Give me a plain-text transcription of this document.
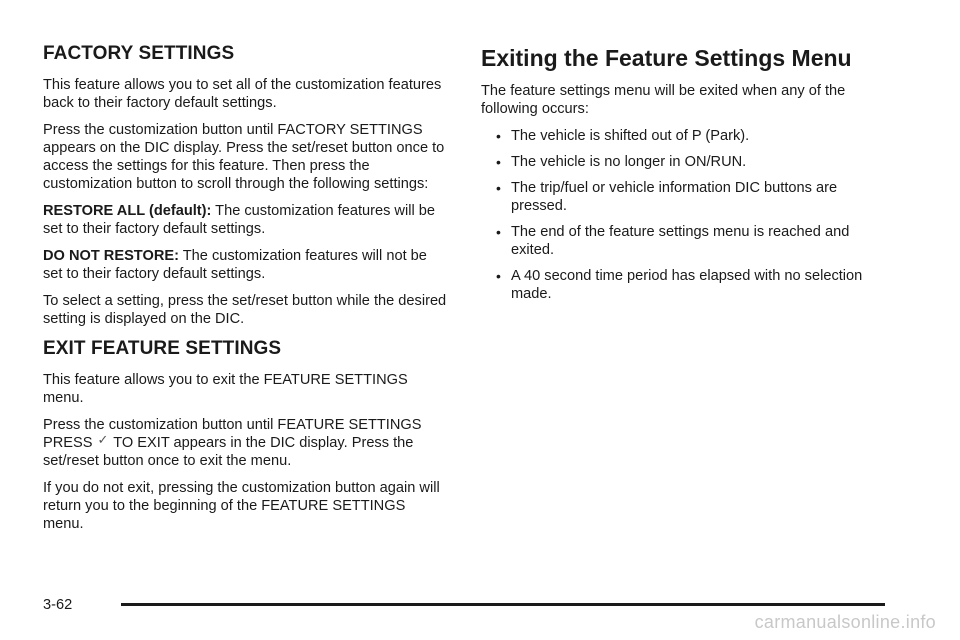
FACTORY SETTINGS

This feature allows you to set all of the customization features back to their factory default settings.

Press the customization button until FACTORY SETTINGS appears on the DIC display. Press the set/reset button once to access the settings for this feature. Then press the customization button to scroll through the following settings:

RESTORE ALL (default): The customization features will be set to their factory default settings.

DO NOT RESTORE: The customization features will not be set to their factory default settings.

To select a setting, press the set/reset button while the desired setting is displayed on the DIC.

EXIT FEATURE SETTINGS

This feature allows you to exit the FEATURE SETTINGS menu.

Press the customization button until FEATURE SETTINGS PRESS ✓ TO EXIT appears in the DIC display. Press the set/reset button once to exit the menu.

If you do not exit, pressing the customization button again will return you to the beginning of the FEATURE SETTINGS menu.

Exiting the Feature Settings Menu

The feature settings menu will be exited when any of the following occurs:

• The vehicle is shifted out of P (Park).
• The vehicle is no longer in ON/RUN.
• The trip/fuel or vehicle information DIC buttons are pressed.
• The end of the feature settings menu is reached and exited.
• A 40 second time period has elapsed with no selection made.
3-62
carmanualsonline.info
